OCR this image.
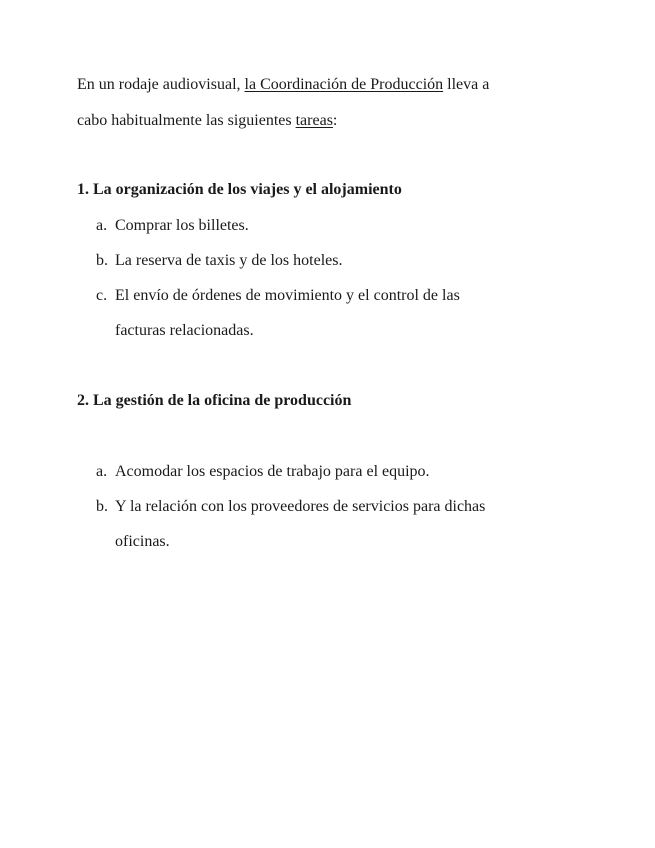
En un rodaje audiovisual, la Coordinación de Producción lleva a
cabo habitualmente las siguientes tareas:
1. La organización de los viajes y el alojamiento
a. Comprar los billetes.
b. La reserva de taxis y de los hoteles.
c. El envío de órdenes de movimiento y el control de las
facturas relacionadas.
2. La gestión de la oficina de producción
a. Acomodar los espacios de trabajo para el equipo.
b. Y la relación con los proveedores de servicios para dichas
oficinas.
